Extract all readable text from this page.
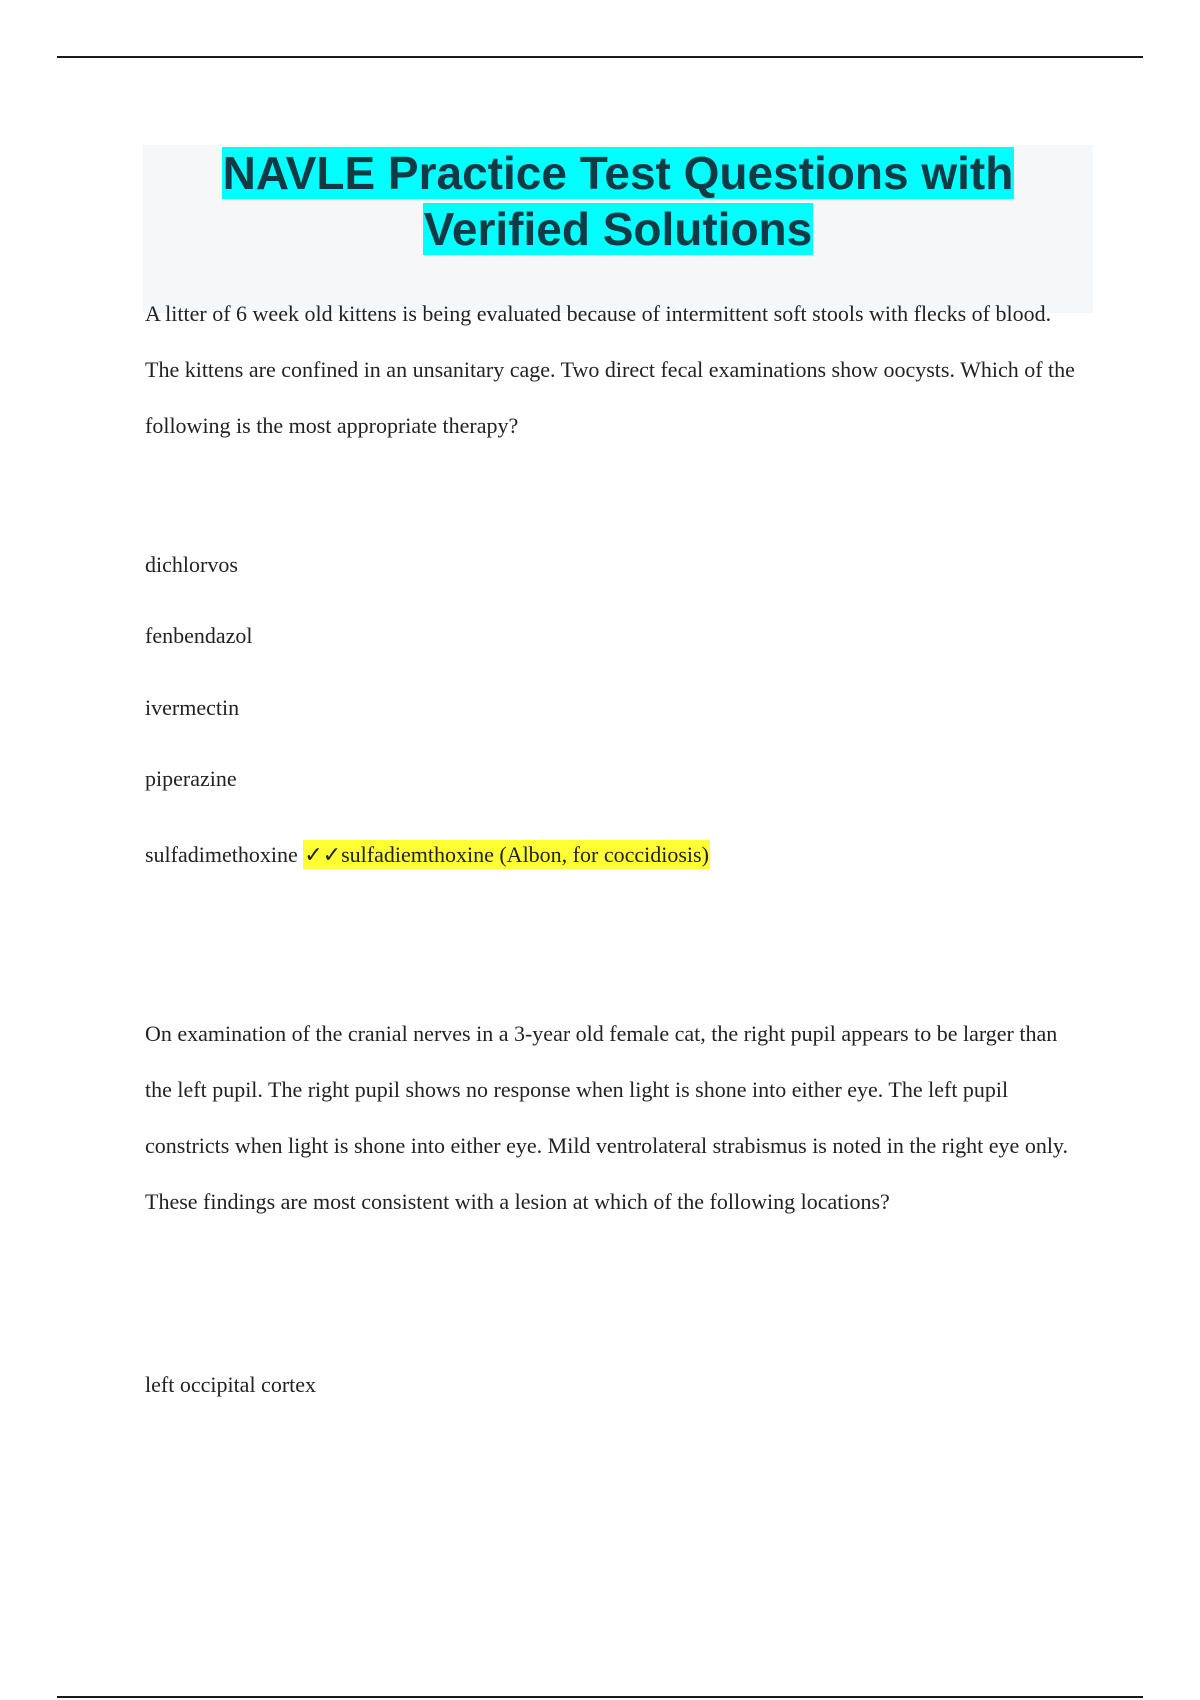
NAVLE Practice Test Questions with
Verified Solutions

A litter of 6 week old kittens is being evaluated because of intermittent soft stools with flecks of blood. The kittens are confined in an unsanitary cage. Two direct fecal examinations show oocysts. Which of the following is the most appropriate therapy?

dichlorvos

fenbendazol

ivermectin

piperazine

sulfadimethoxine ✓✓sulfadiemthoxine (Albon, for coccidiosis)

On examination of the cranial nerves in a 3-year old female cat, the right pupil appears to be larger than the left pupil. The right pupil shows no response when light is shone into either eye. The left pupil constricts when light is shone into either eye. Mild ventrolateral strabismus is noted in the right eye only. These findings are most consistent with a lesion at which of the following locations?

left occipital cortex
